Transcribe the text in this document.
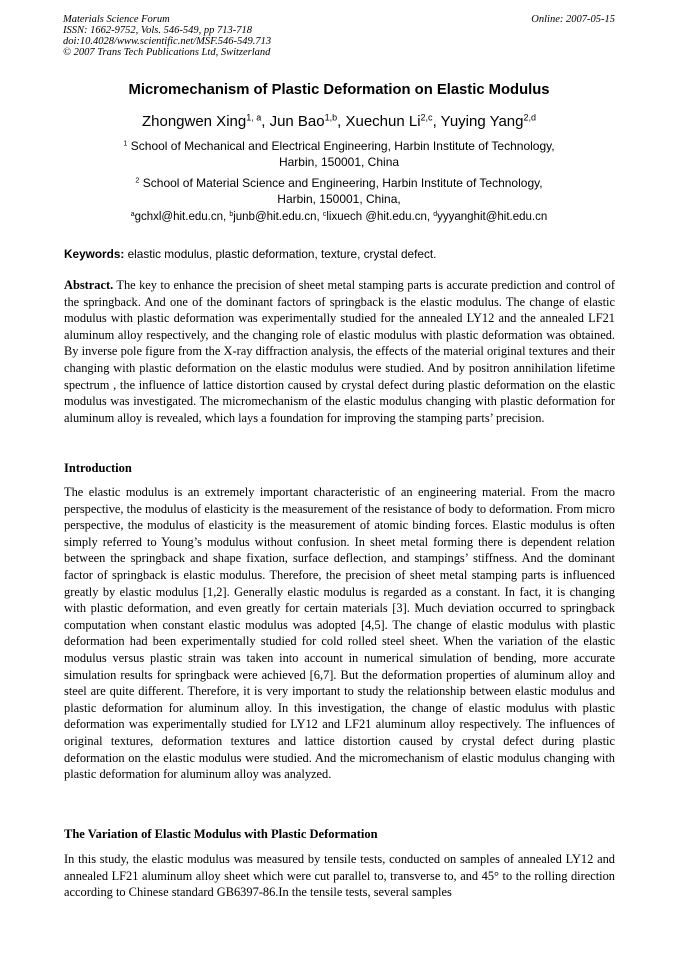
Materials Science Forum
ISSN: 1662-9752, Vols. 546-549, pp 713-718
doi:10.4028/www.scientific.net/MSF.546-549.713
© 2007 Trans Tech Publications Ltd, Switzerland
Online: 2007-05-15
Micromechanism of Plastic Deformation on Elastic Modulus
Zhongwen Xing$^{1, a}$, Jun Bao$^{1,b}$, Xuechun Li$^{2,c}$, Yuying Yang$^{2,d}$
$^1$ School of Mechanical and Electrical Engineering, Harbin Institute of Technology,
Harbin, 150001, China
$^2$ School of Material Science and Engineering, Harbin Institute of Technology,
Harbin, 150001, China,
$^a$gchxl@hit.edu.cn, $^b$junb@hit.edu.cn, $^c$lixuech @hit.edu.cn, $^d$yyyanghit@hit.edu.cn
Keywords: elastic modulus, plastic deformation, texture, crystal defect.
Abstract. The key to enhance the precision of sheet metal stamping parts is accurate prediction and control of the springback. And one of the dominant factors of springback is the elastic modulus. The change of elastic modulus with plastic deformation was experimentally studied for the annealed LY12 and the annealed LF21 aluminum alloy respectively, and the changing role of elastic modulus with plastic deformation was obtained. By inverse pole figure from the X-ray diffraction analysis, the effects of the material original textures and their changing with plastic deformation on the elastic modulus were studied. And by positron annihilation lifetime spectrum , the influence of lattice distortion caused by crystal defect during plastic deformation on the elastic modulus was investigated. The micromechanism of the elastic modulus changing with plastic deformation for aluminum alloy is revealed, which lays a foundation for improving the stamping parts’ precision.
Introduction
The elastic modulus is an extremely important characteristic of an engineering material. From the macro perspective, the modulus of elasticity is the measurement of the resistance of body to deformation. From micro perspective, the modulus of elasticity is the measurement of atomic binding forces. Elastic modulus is often simply referred to Young’s modulus without confusion. In sheet metal forming there is dependent relation between the springback and shape fixation, surface deflection, and stampings’ stiffness. And the dominant factor of springback is elastic modulus. Therefore, the precision of sheet metal stamping parts is influenced greatly by elastic modulus [1,2]. Generally elastic modulus is regarded as a constant. In fact, it is changing with plastic deformation, and even greatly for certain materials [3]. Much deviation occurred to springback computation when constant elastic modulus was adopted [4,5]. The change of elastic modulus with plastic deformation had been experimentally studied for cold rolled steel sheet. When the variation of the elastic modulus versus plastic strain was taken into account in numerical simulation of bending, more accurate simulation results for springback were achieved [6,7]. But the deformation properties of aluminum alloy and steel are quite different. Therefore, it is very important to study the relationship between elastic modulus and plastic deformation for aluminum alloy. In this investigation, the change of elastic modulus with plastic deformation was experimentally studied for LY12 and LF21 aluminum alloy respectively. The influences of original textures, deformation textures and lattice distortion caused by crystal defect during plastic deformation on the elastic modulus were studied. And the micromechanism of elastic modulus changing with plastic deformation for aluminum alloy was analyzed.
The Variation of Elastic Modulus with Plastic Deformation
In this study, the elastic modulus was measured by tensile tests, conducted on samples of annealed LY12 and annealed LF21 aluminum alloy sheet which were cut parallel to, transverse to, and 45° to the rolling direction according to Chinese standard GB6397-86.In the tensile tests, several samples
